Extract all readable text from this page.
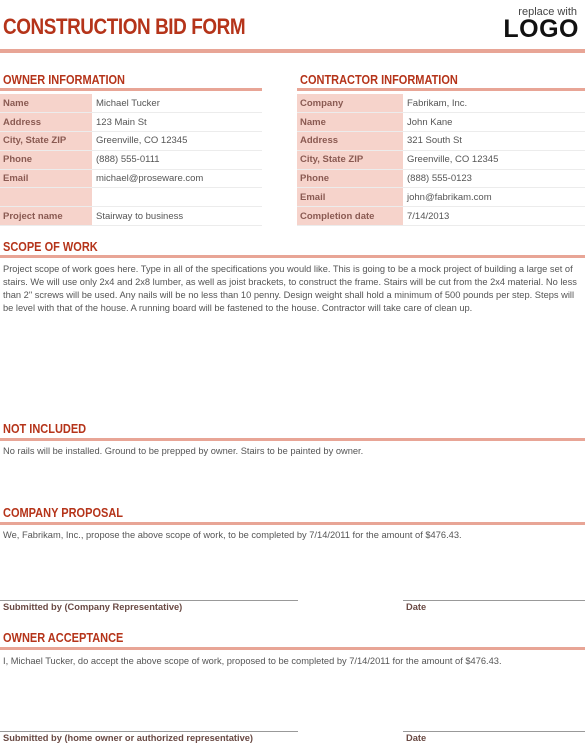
CONSTRUCTION BID FORM
replace with
LOGO
OWNER INFORMATION
Name	Michael Tucker
Address	123 Main St
City, State ZIP	Greenville, CO 12345
Phone	(888) 555-0111
Email	michael@proseware.com

Project name	Stairway to business
CONTRACTOR INFORMATION
Company	Fabrikam, Inc.
Name	John Kane
Address	321 South St
City, State ZIP	Greenville, CO 12345
Phone	(888) 555-0123
Email	john@fabrikam.com
Completion date	7/14/2013
SCOPE OF WORK
Project scope of work goes here. Type in all of the specifications you would like. This is going to be a mock project of building a large set of stairs. We will use only 2x4 and 2x8 lumber, as well as joist brackets, to construct the frame. Stairs will be cut from the 2x4 material. No less than 2" screws will be used. Any nails will be no less than 10 penny. Design weight shall hold a minimum of 500 pounds per step. Steps will be level with that of the house. A running board will be fastened to the house. Contractor will take care of clean up.
NOT INCLUDED
No rails will be installed. Ground to be prepped by owner. Stairs to be painted by owner.
COMPANY PROPOSAL
We, Fabrikam, Inc., propose the above scope of work, to be completed by 7/14/2011 for the amount of $476.43.
Submitted by (Company Representative)	Date
OWNER ACCEPTANCE
I, Michael Tucker, do accept the above scope of work, proposed to be completed by 7/14/2011 for the amount of $476.43.
Submitted by (home owner or authorized representative)	Date
